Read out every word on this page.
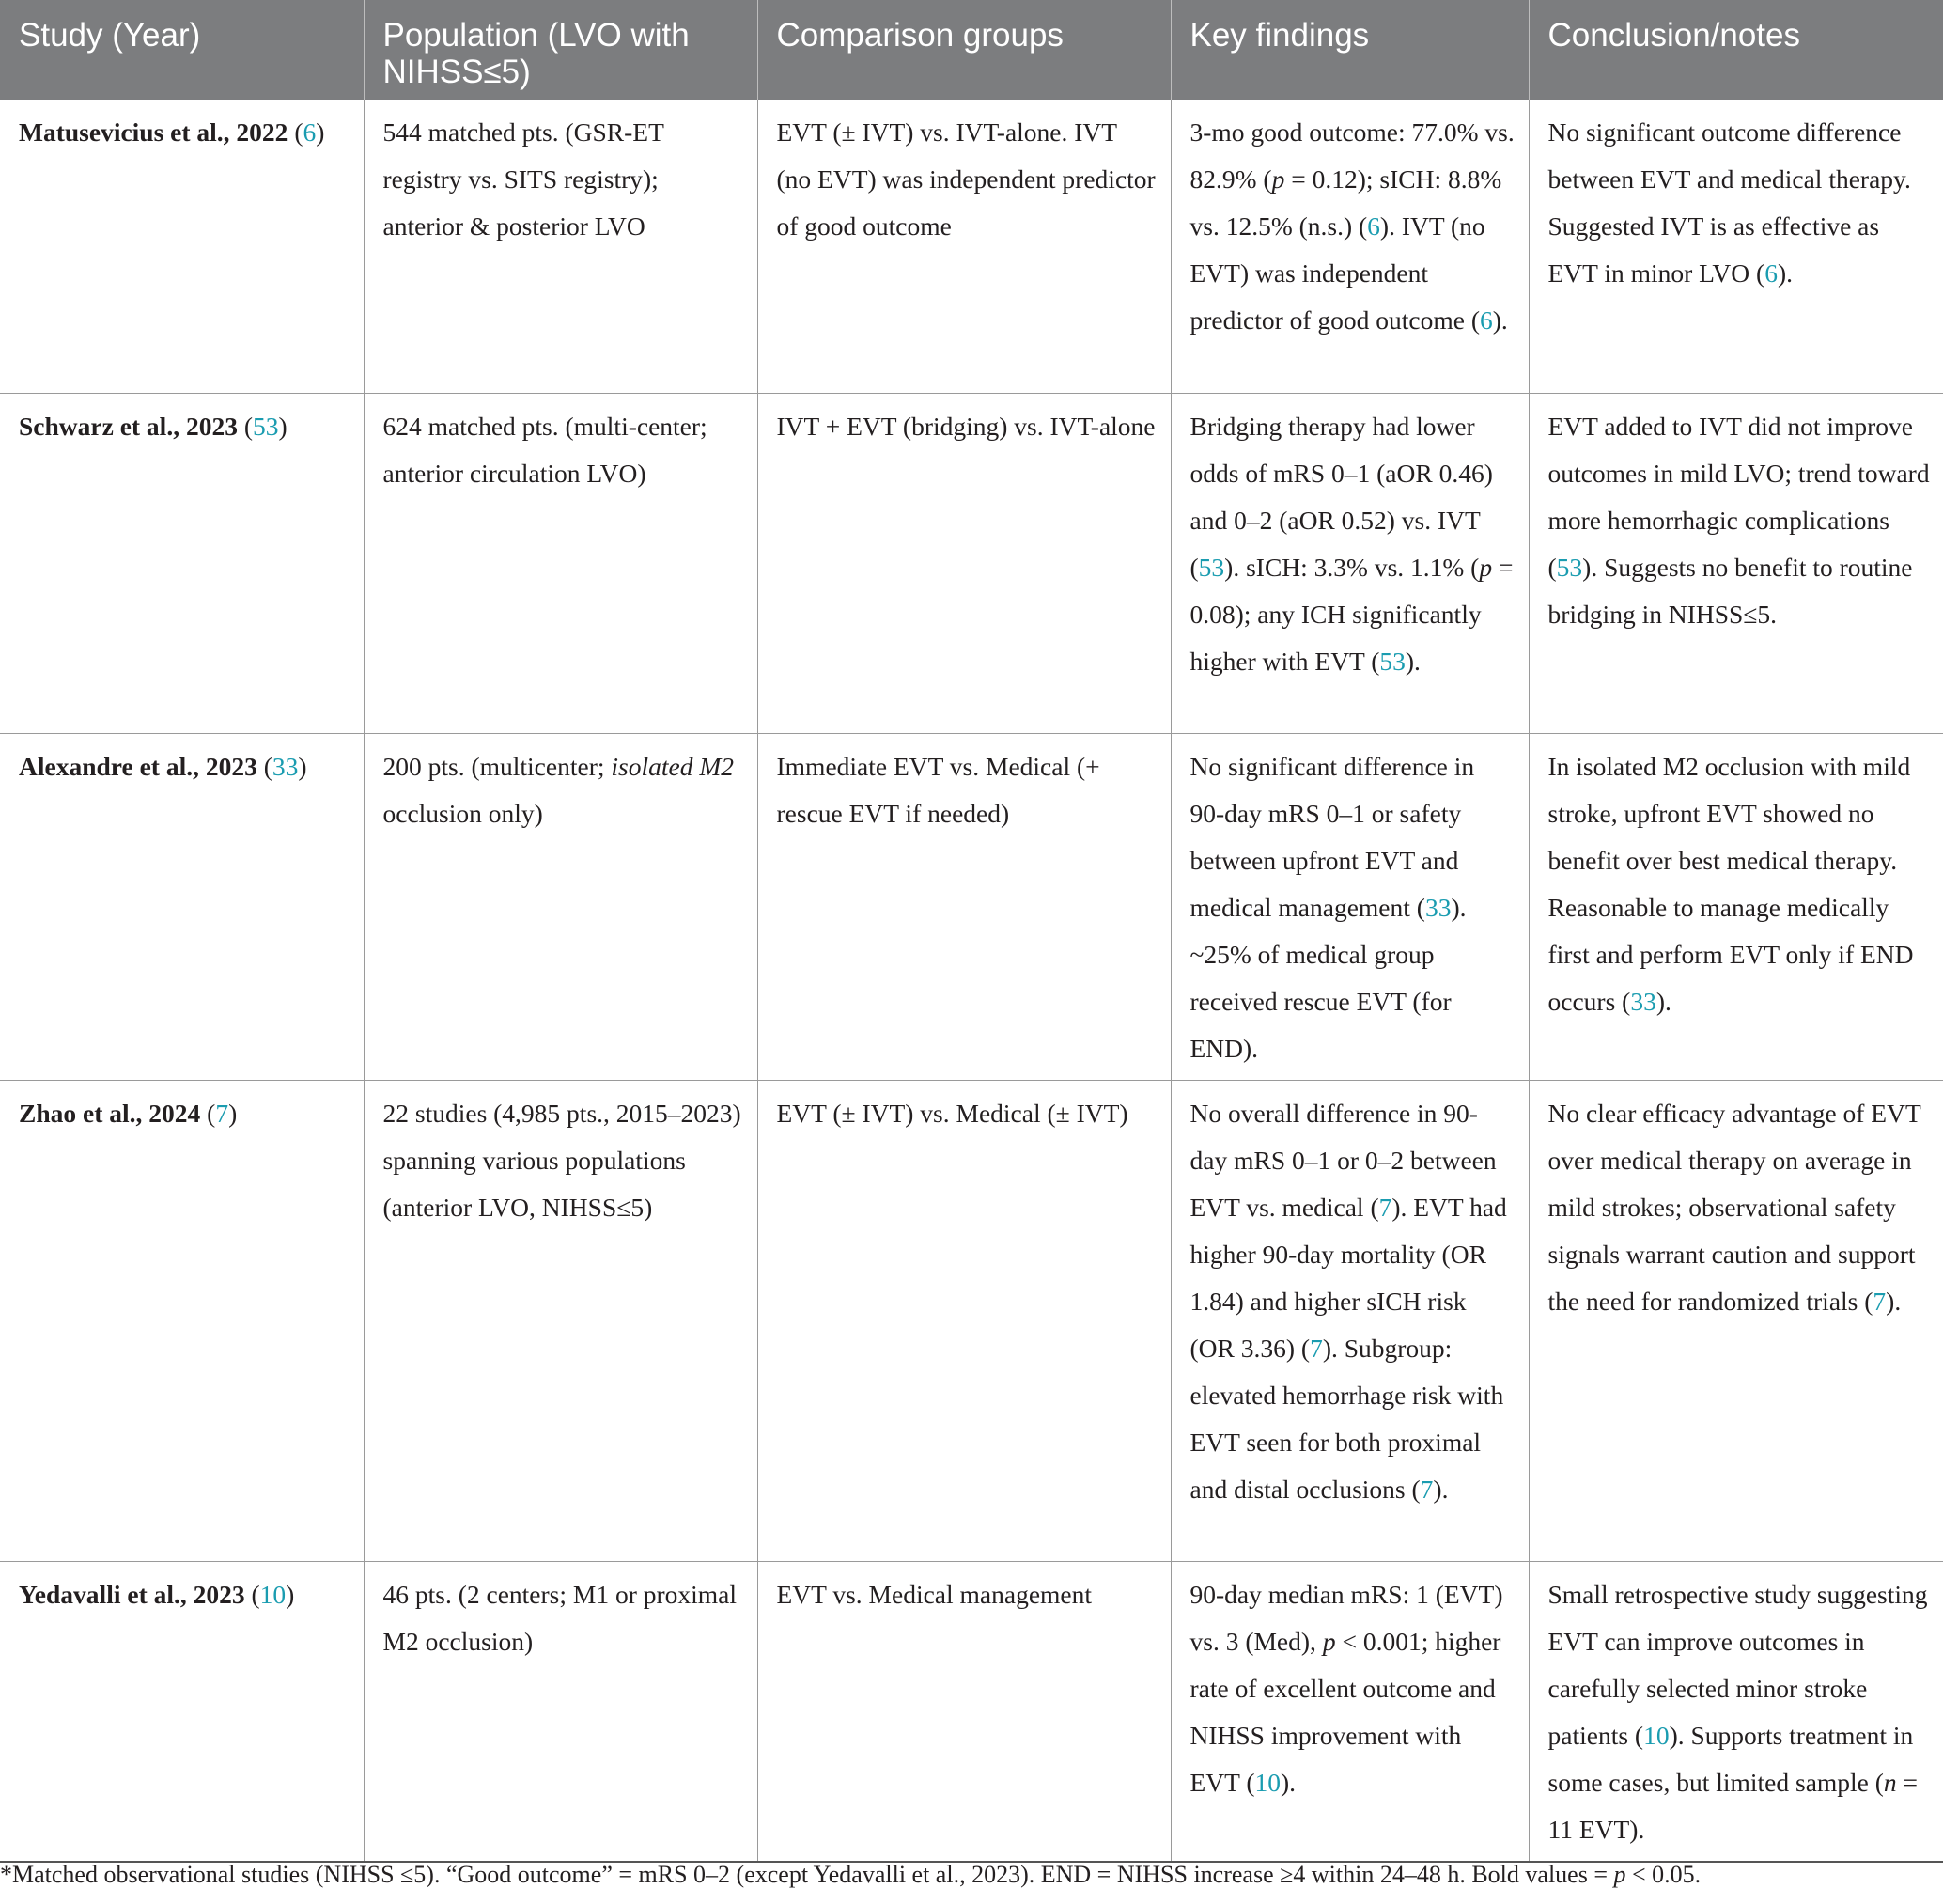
Study (Year)	Population (LVO with NIHSS≤5)	Comparison groups	Key findings	Conclusion/notes
Matusevicius et al., 2022 (6)	544 matched pts. (GSR-ET registry vs. SITS registry); anterior & posterior LVO	EVT (± IVT) vs. IVT-alone. IVT (no EVT) was independent predictor of good outcome	3-mo good outcome: 77.0% vs. 82.9% (p = 0.12); sICH: 8.8% vs. 12.5% (n.s.) (6). IVT (no EVT) was independent predictor of good outcome (6).	No significant outcome difference between EVT and medical therapy. Suggested IVT is as effective as EVT in minor LVO (6).
Schwarz et al., 2023 (53)	624 matched pts. (multi-center; anterior circulation LVO)	IVT + EVT (bridging) vs. IVT-alone	Bridging therapy had lower odds of mRS 0–1 (aOR 0.46) and 0–2 (aOR 0.52) vs. IVT (53). sICH: 3.3% vs. 1.1% (p = 0.08); any ICH significantly higher with EVT (53).	EVT added to IVT did not improve outcomes in mild LVO; trend toward more hemorrhagic complications (53). Suggests no benefit to routine bridging in NIHSS≤5.
Alexandre et al., 2023 (33)	200 pts. (multicenter; isolated M2 occlusion only)	Immediate EVT vs. Medical (+ rescue EVT if needed)	No significant difference in 90-day mRS 0–1 or safety between upfront EVT and medical management (33). ~25% of medical group received rescue EVT (for END).	In isolated M2 occlusion with mild stroke, upfront EVT showed no benefit over best medical therapy. Reasonable to manage medically first and perform EVT only if END occurs (33).
Zhao et al., 2024 (7)	22 studies (4,985 pts., 2015–2023) spanning various populations (anterior LVO, NIHSS≤5)	EVT (± IVT) vs. Medical (± IVT)	No overall difference in 90-day mRS 0–1 or 0–2 between EVT vs. medical (7). EVT had higher 90-day mortality (OR 1.84) and higher sICH risk (OR 3.36) (7). Subgroup: elevated hemorrhage risk with EVT seen for both proximal and distal occlusions (7).	No clear efficacy advantage of EVT over medical therapy on average in mild strokes; observational safety signals warrant caution and support the need for randomized trials (7).
Yedavalli et al., 2023 (10)	46 pts. (2 centers; M1 or proximal M2 occlusion)	EVT vs. Medical management	90-day median mRS: 1 (EVT) vs. 3 (Med), p < 0.001; higher rate of excellent outcome and NIHSS improvement with EVT (10).	Small retrospective study suggesting EVT can improve outcomes in carefully selected minor stroke patients (10). Supports treatment in some cases, but limited sample (n = 11 EVT).
*Matched observational studies (NIHSS ≤5). “Good outcome” = mRS 0–2 (except Yedavalli et al., 2023). END = NIHSS increase ≥4 within 24–48 h. Bold values = p < 0.05.
